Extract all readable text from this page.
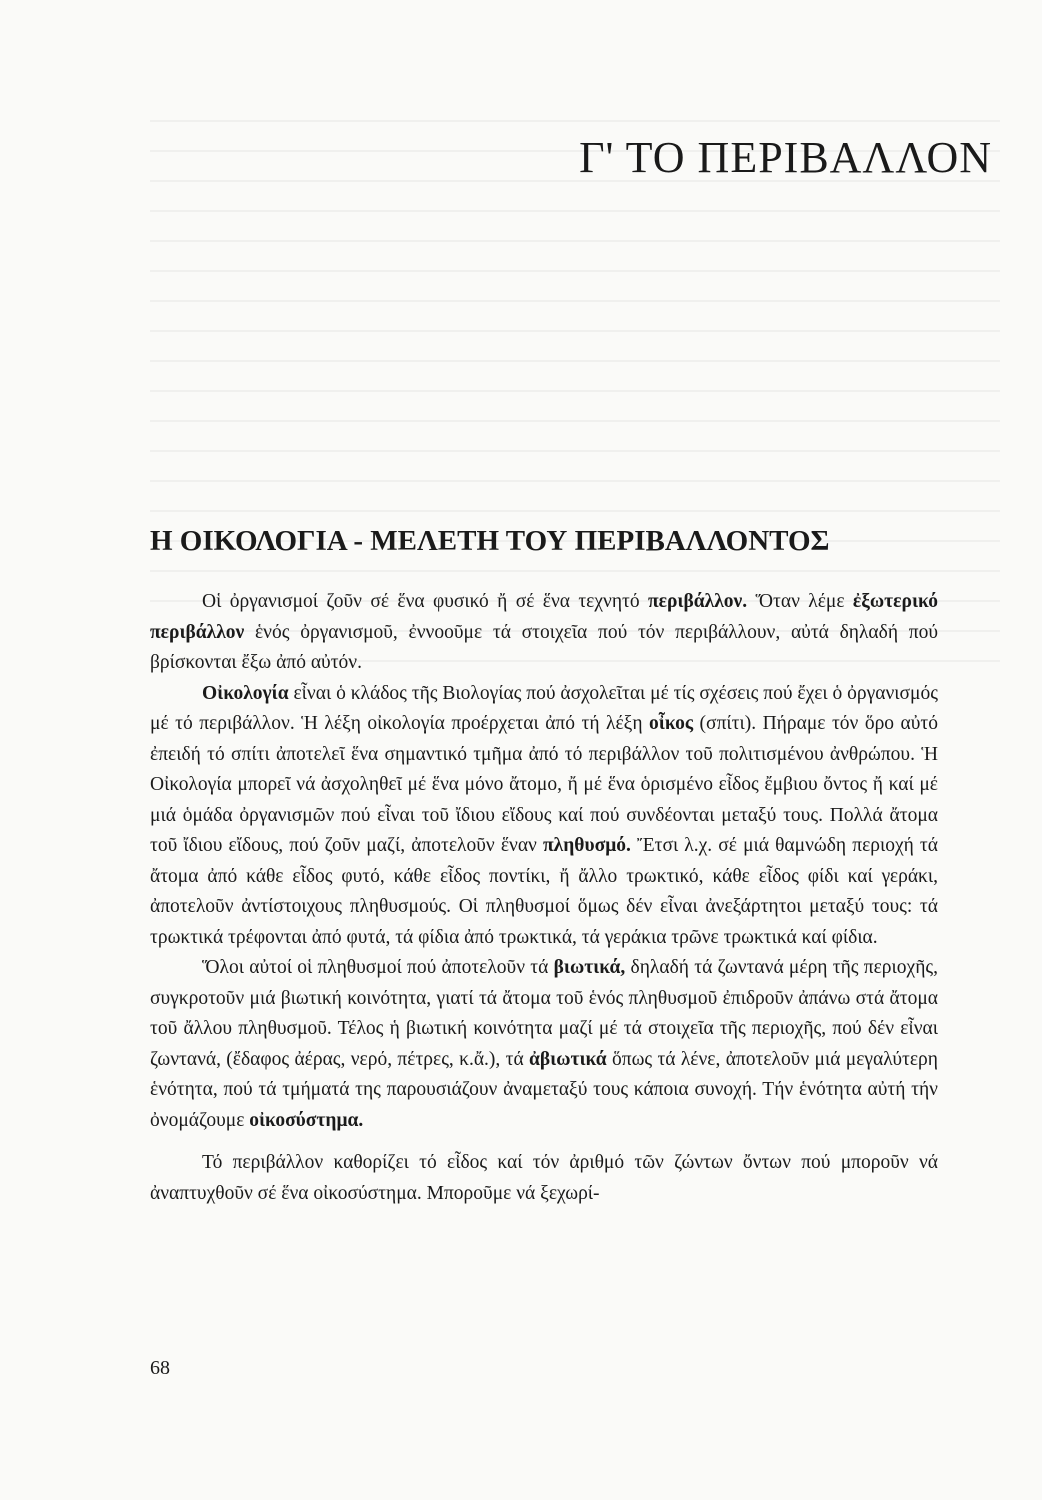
Γ' ΤΟ ΠΕΡΙΒΑΛΛΟΝ
Η ΟΙΚΟΛΟΓΙΑ - ΜΕΛΕΤΗ ΤΟΥ ΠΕΡΙΒΑΛΛΟΝΤΟΣ

Οἱ ὀργανισμοί ζοῦν σέ ἕνα φυσικό ἤ σέ ἕνα τεχνητό περιβάλλον. Ὅταν λέμε ἐξωτερικό περιβάλλον ἑνός ὀργανισμοῦ, ἐννοοῦμε τά στοιχεῖα πού τόν περιβάλλουν, αὐτά δηλαδή πού βρίσκονται ἔξω ἀπό αὐτόν.

Οἰκολογία εἶναι ὁ κλάδος τῆς Βιολογίας πού ἀσχολεῖται μέ τίς σχέσεις πού ἔχει ὁ ὀργανισμός μέ τό περιβάλλον. Ἡ λέξη οἰκολογία προέρχεται ἀπό τή λέξη οἶκος (σπίτι). Πήραμε τόν ὅρο αὐτό ἐπειδή τό σπίτι ἀποτελεῖ ἕνα σημαντικό τμῆμα ἀπό τό περιβάλλον τοῦ πολιτισμένου ἀνθρώπου. Ἡ Οἰκολογία μπορεῖ νά ἀσχοληθεῖ μέ ἕνα μόνο ἄτομο, ἤ μέ ἕνα ὁρισμένο εἶδος ἔμβιου ὄντος ἤ καί μέ μιά ὁμάδα ὀργανισμῶν πού εἶναι τοῦ ἴδιου εἴδους καί πού συνδέονται μεταξύ τους. Πολλά ἄτομα τοῦ ἴδιου εἴδους, πού ζοῦν μαζί, ἀποτελοῦν ἕναν πληθυσμό. Ἔτσι λ.χ. σέ μιά θαμνώδη περιοχή τά ἄτομα ἀπό κάθε εἶδος φυτό, κάθε εἶδος ποντίκι, ἤ ἄλλο τρωκτικό, κάθε εἶδος φίδι καί γεράκι, ἀποτελοῦν ἀντίστοιχους πληθυσμούς. Οἱ πληθυσμοί ὅμως δέν εἶναι ἀνεξάρτητοι μεταξύ τους: τά τρωκτικά τρέφονται ἀπό φυτά, τά φίδια ἀπό τρωκτικά, τά γεράκια τρῶνε τρωκτικά καί φίδια.

Ὅλοι αὐτοί οἱ πληθυσμοί πού ἀποτελοῦν τά βιωτικά, δηλαδή τά ζωντανά μέρη τῆς περιοχῆς, συγκροτοῦν μιά βιωτική κοινότητα, γιατί τά ἄτομα τοῦ ἑνός πληθυσμοῦ ἐπιδροῦν ἀπάνω στά ἄτομα τοῦ ἄλλου πληθυσμοῦ. Τέλος ἡ βιωτική κοινότητα μαζί μέ τά στοιχεῖα τῆς περιοχῆς, πού δέν εἶναι ζωντανά, (ἔδαφος ἀέρας, νερό, πέτρες, κ.ἄ.), τά ἀβιωτικά ὅπως τά λένε, ἀποτελοῦν μιά μεγαλύτερη ἑνότητα, πού τά τμήματά της παρουσιάζουν ἀναμεταξύ τους κάποια συνοχή. Τήν ἑνότητα αὐτή τήν ὀνομάζουμε οἰκοσύστημα.

Τό περιβάλλον καθορίζει τό εἶδος καί τόν ἀριθμό τῶν ζώντων ὄντων πού μποροῦν νά ἀναπτυχθοῦν σέ ἕνα οἰκοσύστημα. Μποροῦμε νά ξεχωρί-

68
